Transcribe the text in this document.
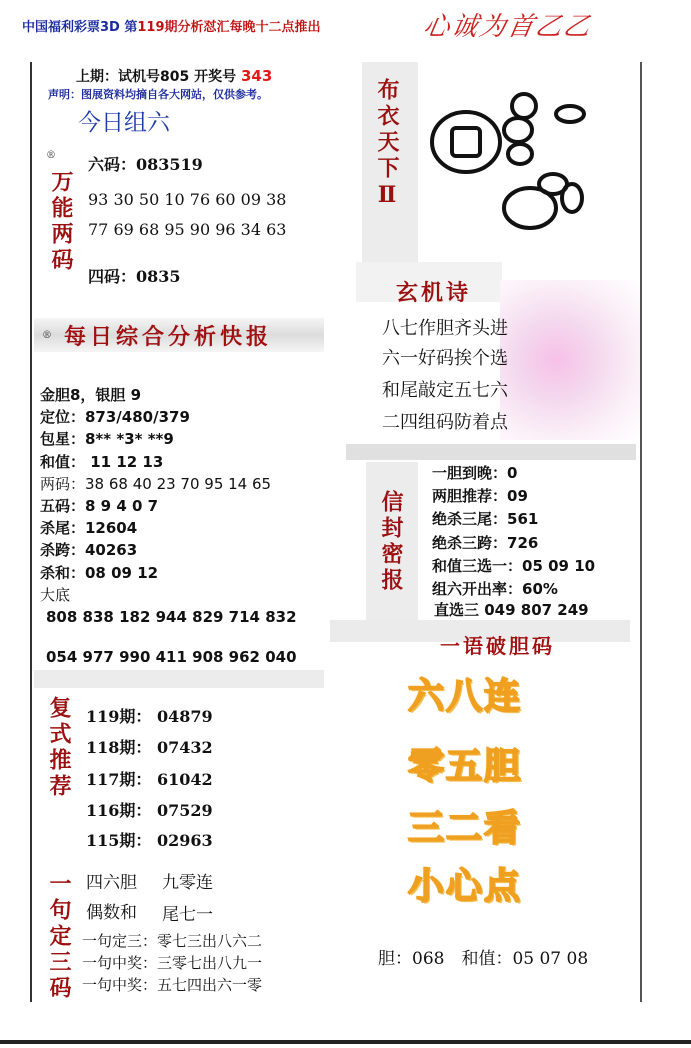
中国福利彩票3D 第119期分析怼汇每晚十二点推出	心诚为首乙乙
上期：试机号805 开奖号 343
声明：图展资料均摘自各大网站，仅供参考。
今日组六
®
万能两码
六码：083519
93 30 50 10 76 60 09 38
77 69 68 95 90 96 34 63
四码：0835
® 每日综合分析快报
金胆8，银胆 9
定位：873/480/379
包星：8** *3* **9
和值： 11 12 13
两码：38 68 40 23 70 95 14 65
五码：8 9 4 0 7
杀尾：12604
杀跨：40263
杀和：08 09 12
大底
808 838 182 944 829 714 832
054 977 990 411 908 962 040
布衣天下Ⅱ
玄机诗
八七作胆齐头进
六一好码挨个选
和尾敲定五七六
二四组码防着点
信封密报
一胆到晚：0
两胆推荐：09
绝杀三尾：561
绝杀三跨：726
和值三选一：05 09 10
组六开出率：60%
直选三 049 807 249
一语破胆码
六八连
零五胆
三二看
小心点
胆：068　和值：05 07 08
复式推荐 119期： 04879
118期： 07432
117期： 61042
116期： 07529
115期： 02963
一句定三码 四六胆 九零连
偶数和 尾七一
一句定三：零七三出八六二
一句中奖：三零七出八九一
一句中奖：五七四出六一零
